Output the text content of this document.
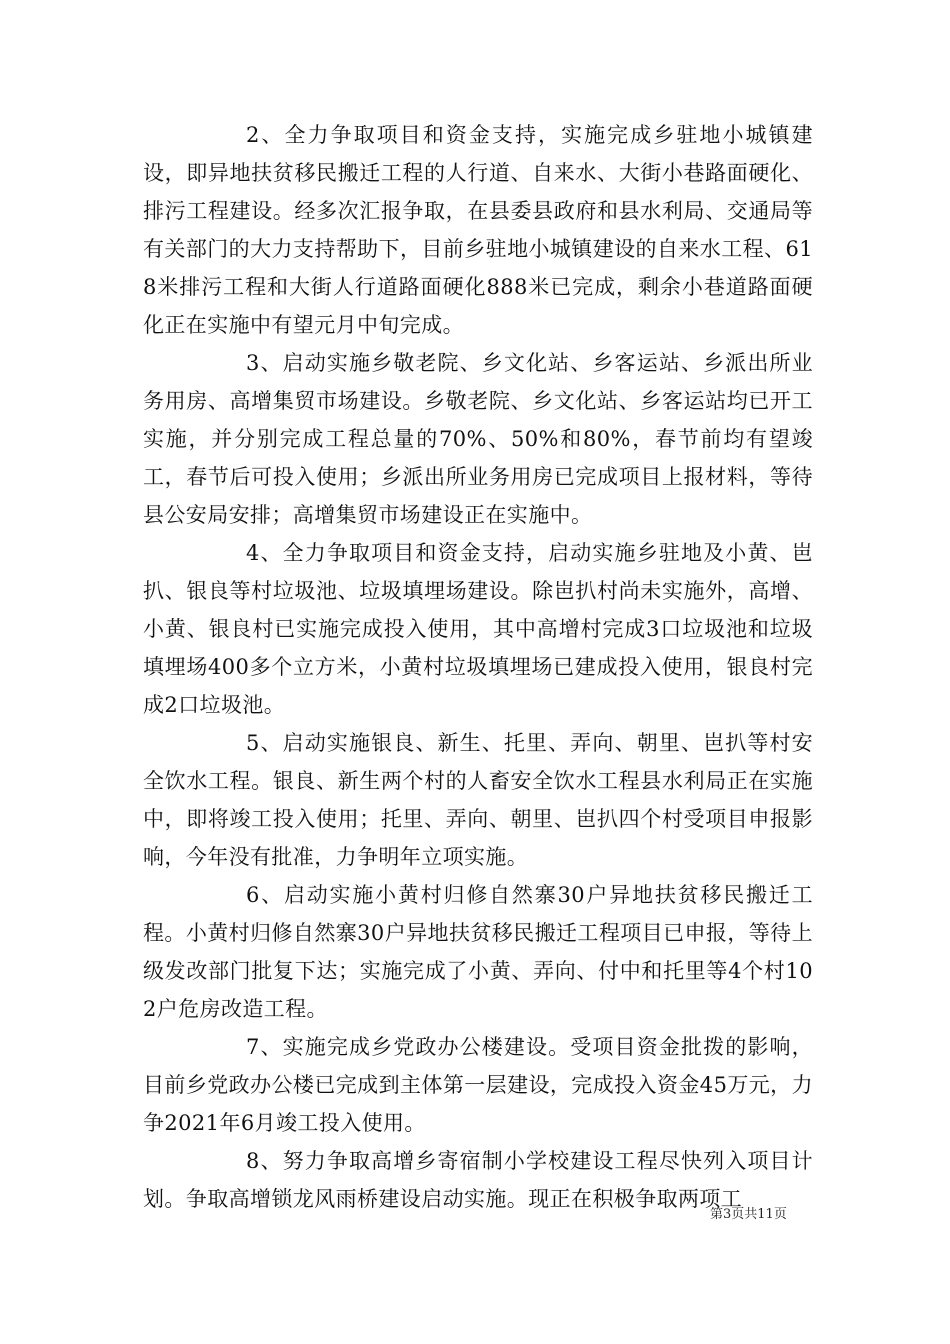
2、全力争取项目和资金支持，实施完成乡驻地小城镇建设，即异地扶贫移民搬迁工程的人行道、自来水、大街小巷路面硬化、排污工程建设。经多次汇报争取，在县委县政府和县水利局、交通局等有关部门的大力支持帮助下，目前乡驻地小城镇建设的自来水工程、618米排污工程和大街人行道路面硬化888米已完成，剩余小巷道路面硬化正在实施中有望元月中旬完成。

3、启动实施乡敬老院、乡文化站、乡客运站、乡派出所业务用房、高增集贸市场建设。乡敬老院、乡文化站、乡客运站均已开工实施，并分别完成工程总量的70%、50%和80%，春节前均有望竣工，春节后可投入使用；乡派出所业务用房已完成项目上报材料，等待县公安局安排；高增集贸市场建设正在实施中。

4、全力争取项目和资金支持，启动实施乡驻地及小黄、岜扒、银良等村垃圾池、垃圾填埋场建设。除岜扒村尚未实施外，高增、小黄、银良村已实施完成投入使用，其中高增村完成3口垃圾池和垃圾填埋场400多个立方米，小黄村垃圾填埋场已建成投入使用，银良村完成2口垃圾池。

5、启动实施银良、新生、托里、弄向、朝里、岜扒等村安全饮水工程。银良、新生两个村的人畜安全饮水工程县水利局正在实施中，即将竣工投入使用；托里、弄向、朝里、岜扒四个村受项目申报影响，今年没有批准，力争明年立项实施。

6、启动实施小黄村归修自然寨30户异地扶贫移民搬迁工程。小黄村归修自然寨30户异地扶贫移民搬迁工程项目已申报，等待上级发改部门批复下达；实施完成了小黄、弄向、付中和托里等4个村102户危房改造工程。

7、实施完成乡党政办公楼建设。受项目资金批拨的影响，目前乡党政办公楼已完成到主体第一层建设，完成投入资金45万元，力争2021年6月竣工投入使用。

8、努力争取高增乡寄宿制小学校建设工程尽快列入项目计划。争取高增锁龙风雨桥建设启动实施。现正在积极争取两项工

第3页共11页
